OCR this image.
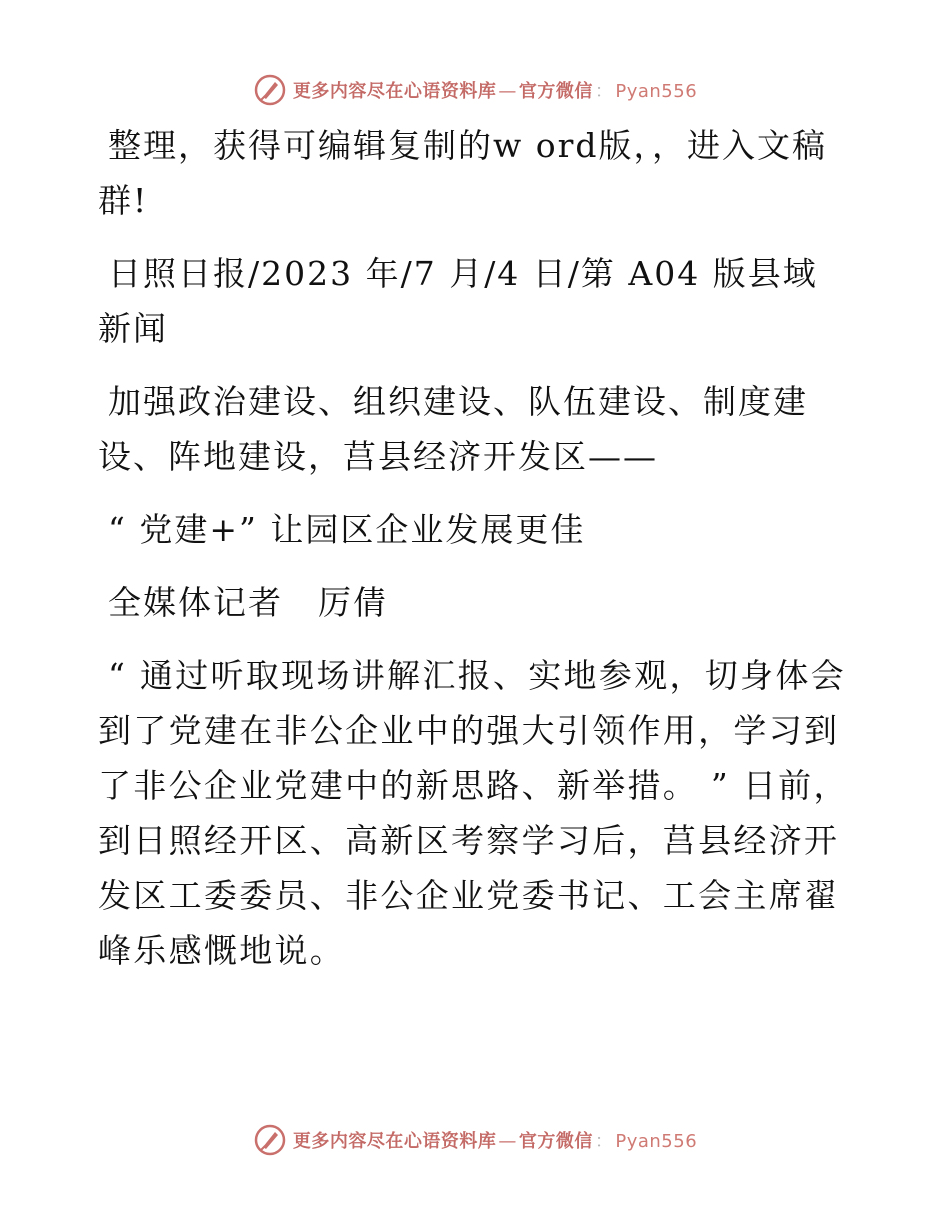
更多内容尽在心语资料库 — 官方微信 ： Pyan556

整理，获得可编辑复制的w ord版，，进入文稿群!

日照日报/2023 年/7 月/4 日/第 A04 版县域新闻

加强政治建设、组织建设、队伍建设、制度建设、阵地建设，莒县经济开发区——

“ 党建+” 让园区企业发展更佳

全媒体记者　厉倩

“ 通过听取现场讲解汇报、实地参观，切身体会到了党建在非公企业中的强大引领作用，学习到了非公企业党建中的新思路、新举措。 ” 日前，到日照经开区、高新区考察学习后，莒县经济开发区工委委员、非公企业党委书记、工会主席翟峰乐感慨地说。

更多内容尽在心语资料库 — 官方微信 ： Pyan556
